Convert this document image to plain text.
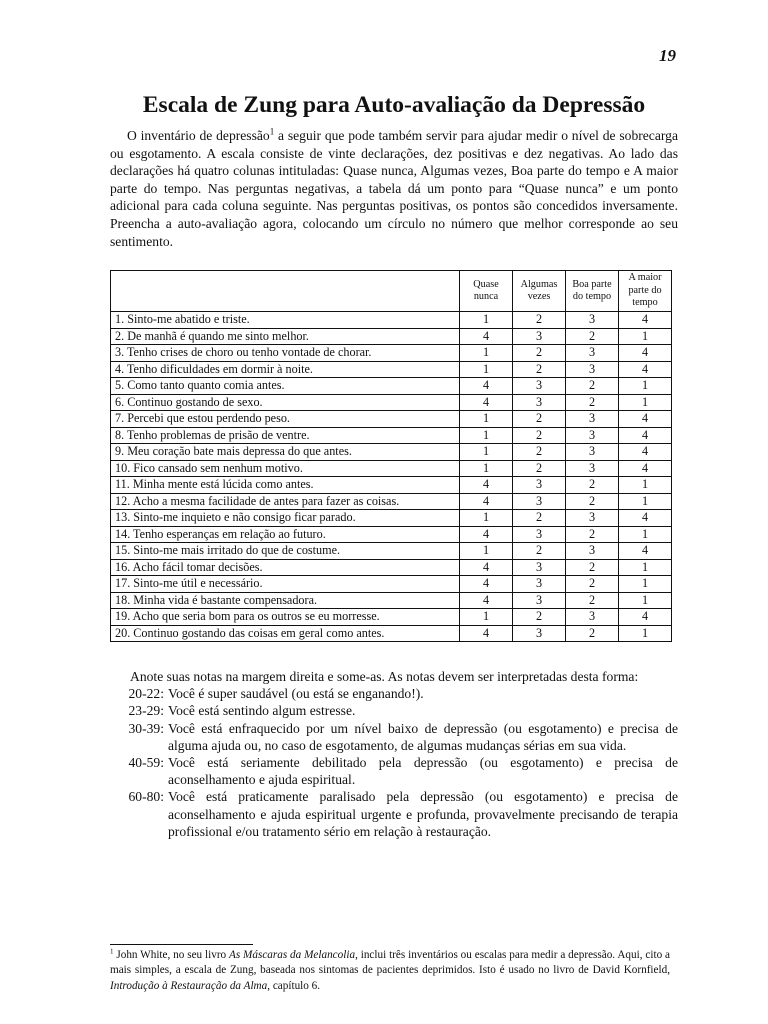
19
Escala de Zung para Auto-avaliação da Depressão

O inventário de depressão$^1$ a seguir que pode também servir para ajudar medir o nível de sobrecarga ou esgotamento. A escala consiste de vinte declarações, dez positivas e dez negativas. Ao lado das declarações há quatro colunas intituladas: Quase nunca, Algumas vezes, Boa parte do tempo e A maior parte do tempo. Nas perguntas negativas, a tabela dá um ponto para “Quase nunca” e um ponto adicional para cada coluna seguinte. Nas perguntas positivas, os pontos são concedidos inversamente. Preencha a auto-avaliação agora, colocando um círculo no número que melhor corresponde ao seu sentimento.

	Quase nunca	Algumas vezes	Boa parte do tempo	A maior parte do tempo
1. Sinto-me abatido e triste.	1	2	3	4
2. De manhã é quando me sinto melhor.	4	3	2	1
3. Tenho crises de choro ou tenho vontade de chorar.	1	2	3	4
4. Tenho dificuldades em dormir à noite.	1	2	3	4
5. Como tanto quanto comia antes.	4	3	2	1
6. Continuo gostando de sexo.	4	3	2	1
7. Percebi que estou perdendo peso.	1	2	3	4
8. Tenho problemas de prisão de ventre.	1	2	3	4
9. Meu coração bate mais depressa do que antes.	1	2	3	4
10. Fico cansado sem nenhum motivo.	1	2	3	4
11. Minha mente está lúcida como antes.	4	3	2	1
12. Acho a mesma facilidade de antes para fazer as coisas.	4	3	2	1
13. Sinto-me inquieto e não consigo ficar parado.	1	2	3	4
14. Tenho esperanças em relação ao futuro.	4	3	2	1
15. Sinto-me mais irritado do que de costume.	1	2	3	4
16. Acho fácil tomar decisões.	4	3	2	1
17. Sinto-me útil e necessário.	4	3	2	1
18. Minha vida é bastante compensadora.	4	3	2	1
19. Acho que seria bom para os outros se eu morresse.	1	2	3	4
20. Continuo gostando das coisas em geral como antes.	4	3	2	1
Anote suas notas na margem direita e some-as. As notas devem ser interpretadas desta forma:
20-22: Você é super saudável (ou está se enganando!).
23-29: Você está sentindo algum estresse.
30-39: Você está enfraquecido por um nível baixo de depressão (ou esgotamento) e precisa de alguma ajuda ou, no caso de esgotamento, de algumas mudanças sérias em sua vida.
40-59: Você está seriamente debilitado pela depressão (ou esgotamento) e precisa de aconselhamento e ajuda espiritual.
60-80: Você está praticamente paralisado pela depressão (ou esgotamento) e precisa de aconselhamento e ajuda espiritual urgente e profunda, provavelmente precisando de terapia profissional e/ou tratamento sério em relação à restauração.
$^1$ John White, no seu livro As Máscaras da Melancolia, inclui três inventários ou escalas para medir a depressão. Aqui, cito a mais simples, a escala de Zung, baseada nos sintomas de pacientes deprimidos. Isto é usado no livro de David Kornfield, Introdução à Restauração da Alma, capítulo 6.
